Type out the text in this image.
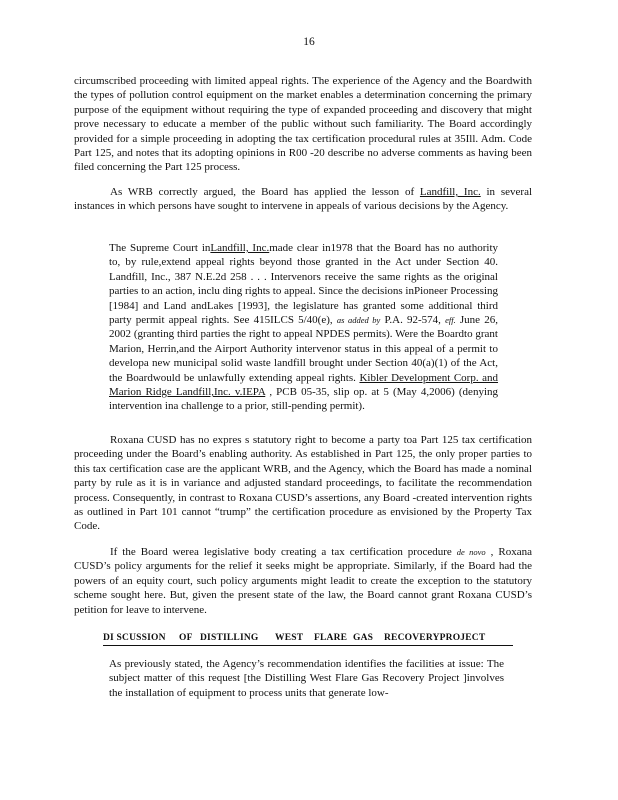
16

circumscribed proceeding with limited appeal rights. The experience of the Agency and the Boardwith the types of pollution control equipment on the market enables a determination concerning the primary purpose of the equipment without requiring the type of expanded proceeding and discovery that might prove necessary to educate a member of the public without such familiarity. The Board accordingly provided for a simple proceeding in adopting the tax certification procedural rules at 35Ill. Adm. Code Part 125, and notes that its adopting opinions in R00 -20 describe no adverse comments as having been filed concerning the Part 125 process.

As WRB correctly argued, the Board has applied the lesson of Landfill, Inc. in several instances in which persons have sought to intervene in appeals of various decisions by the Agency.

The Supreme Court inLandfill, Inc.made clear in1978 that the Board has no authority to, by rule,extend appeal rights beyond those granted in the Act under Section 40. Landfill, Inc., 387 N.E.2d 258 . . . Intervenors receive the same rights as the original parties to an action, inclu ding rights to appeal. Since the decisions inPioneer Processing [1984] and Land andLakes [1993], the legislature has granted some additional third party permit appeal rights. See 415ILCS 5/40(e), as added by P.A. 92-574, eff. June 26, 2002 (granting third parties the right to appeal NPDES permits). Were the Boardto grant Marion, Herrin,and the Airport Authority intervenor status in this appeal of a permit to developa new municipal solid waste landfill brought under Section 40(a)(1) of the Act, the Boardwould be unlawfully extending appeal rights. Kibler Development Corp. and Marion Ridge Landfill,Inc. v.IEPA , PCB 05-35, slip op. at 5 (May 4,2006) (denying intervention ina challenge to a prior, still-pending permit).

Roxana CUSD has no expres s statutory right to become a party toa Part 125 tax certification proceeding under the Board’s enabling authority. As established in Part 125, the only proper parties to this tax certification case are the applicant WRB, and the Agency, which the Board has made a nominal party by rule as it is in variance and adjusted standard proceedings, to facilitate the recommendation process. Consequently, in contrast to Roxana CUSD’s assertions, any Board -created intervention rights as outlined in Part 101 cannot “trump” the certification procedure as envisioned by the Property Tax Code.

If the Board werea legislative body creating a tax certification procedure de novo , Roxana CUSD’s policy arguments for the relief it seeks might be appropriate. Similarly, if the Board had the powers of an equity court, such policy arguments might leadit to create the exception to the statutory scheme sought here. But, given the present state of the law, the Board cannot grant Roxana CUSD’s petition for leave to intervene.

DI SCUSSION OF DISTILLING WEST FLARE GAS RECOVERYPROJECT
As previously stated, the Agency’s recommendation identifies the facilities at issue: The subject matter of this request [the Distilling West Flare Gas Recovery Project ]involves the installation of equipment to process units that generate low-
